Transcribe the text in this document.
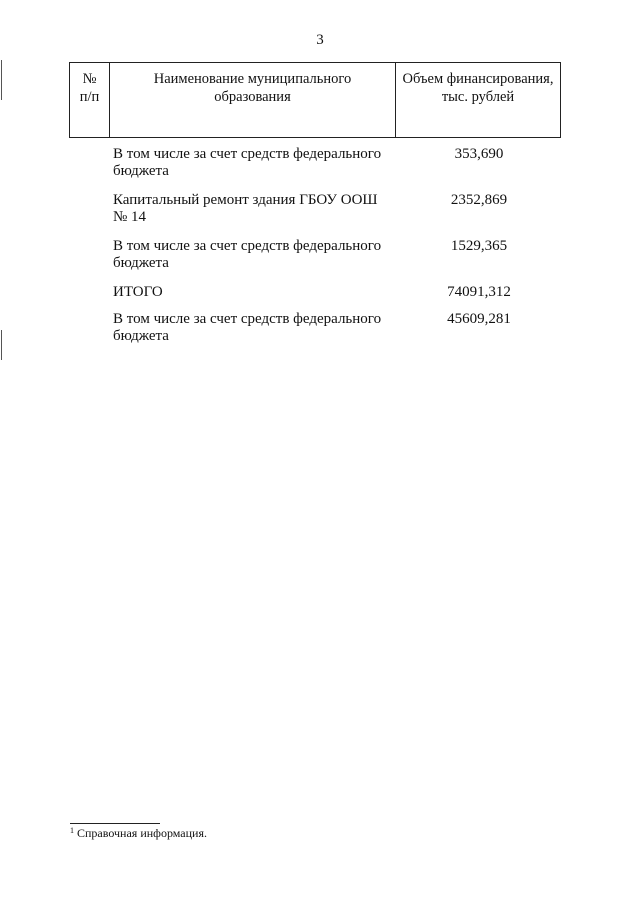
3
№
п/п
Наименование муниципального
образования
Объем финансирования,
тыс. рублей
В том числе за счет средств федерального
бюджета
353,690
Капитальный ремонт здания ГБОУ ООШ
№ 14
2352,869
В том числе за счет средств федерального
бюджета
1529,365
ИТОГО	74091,312
В том числе за счет средств федерального
бюджета
45609,281
$^1$ Справочная информация.
